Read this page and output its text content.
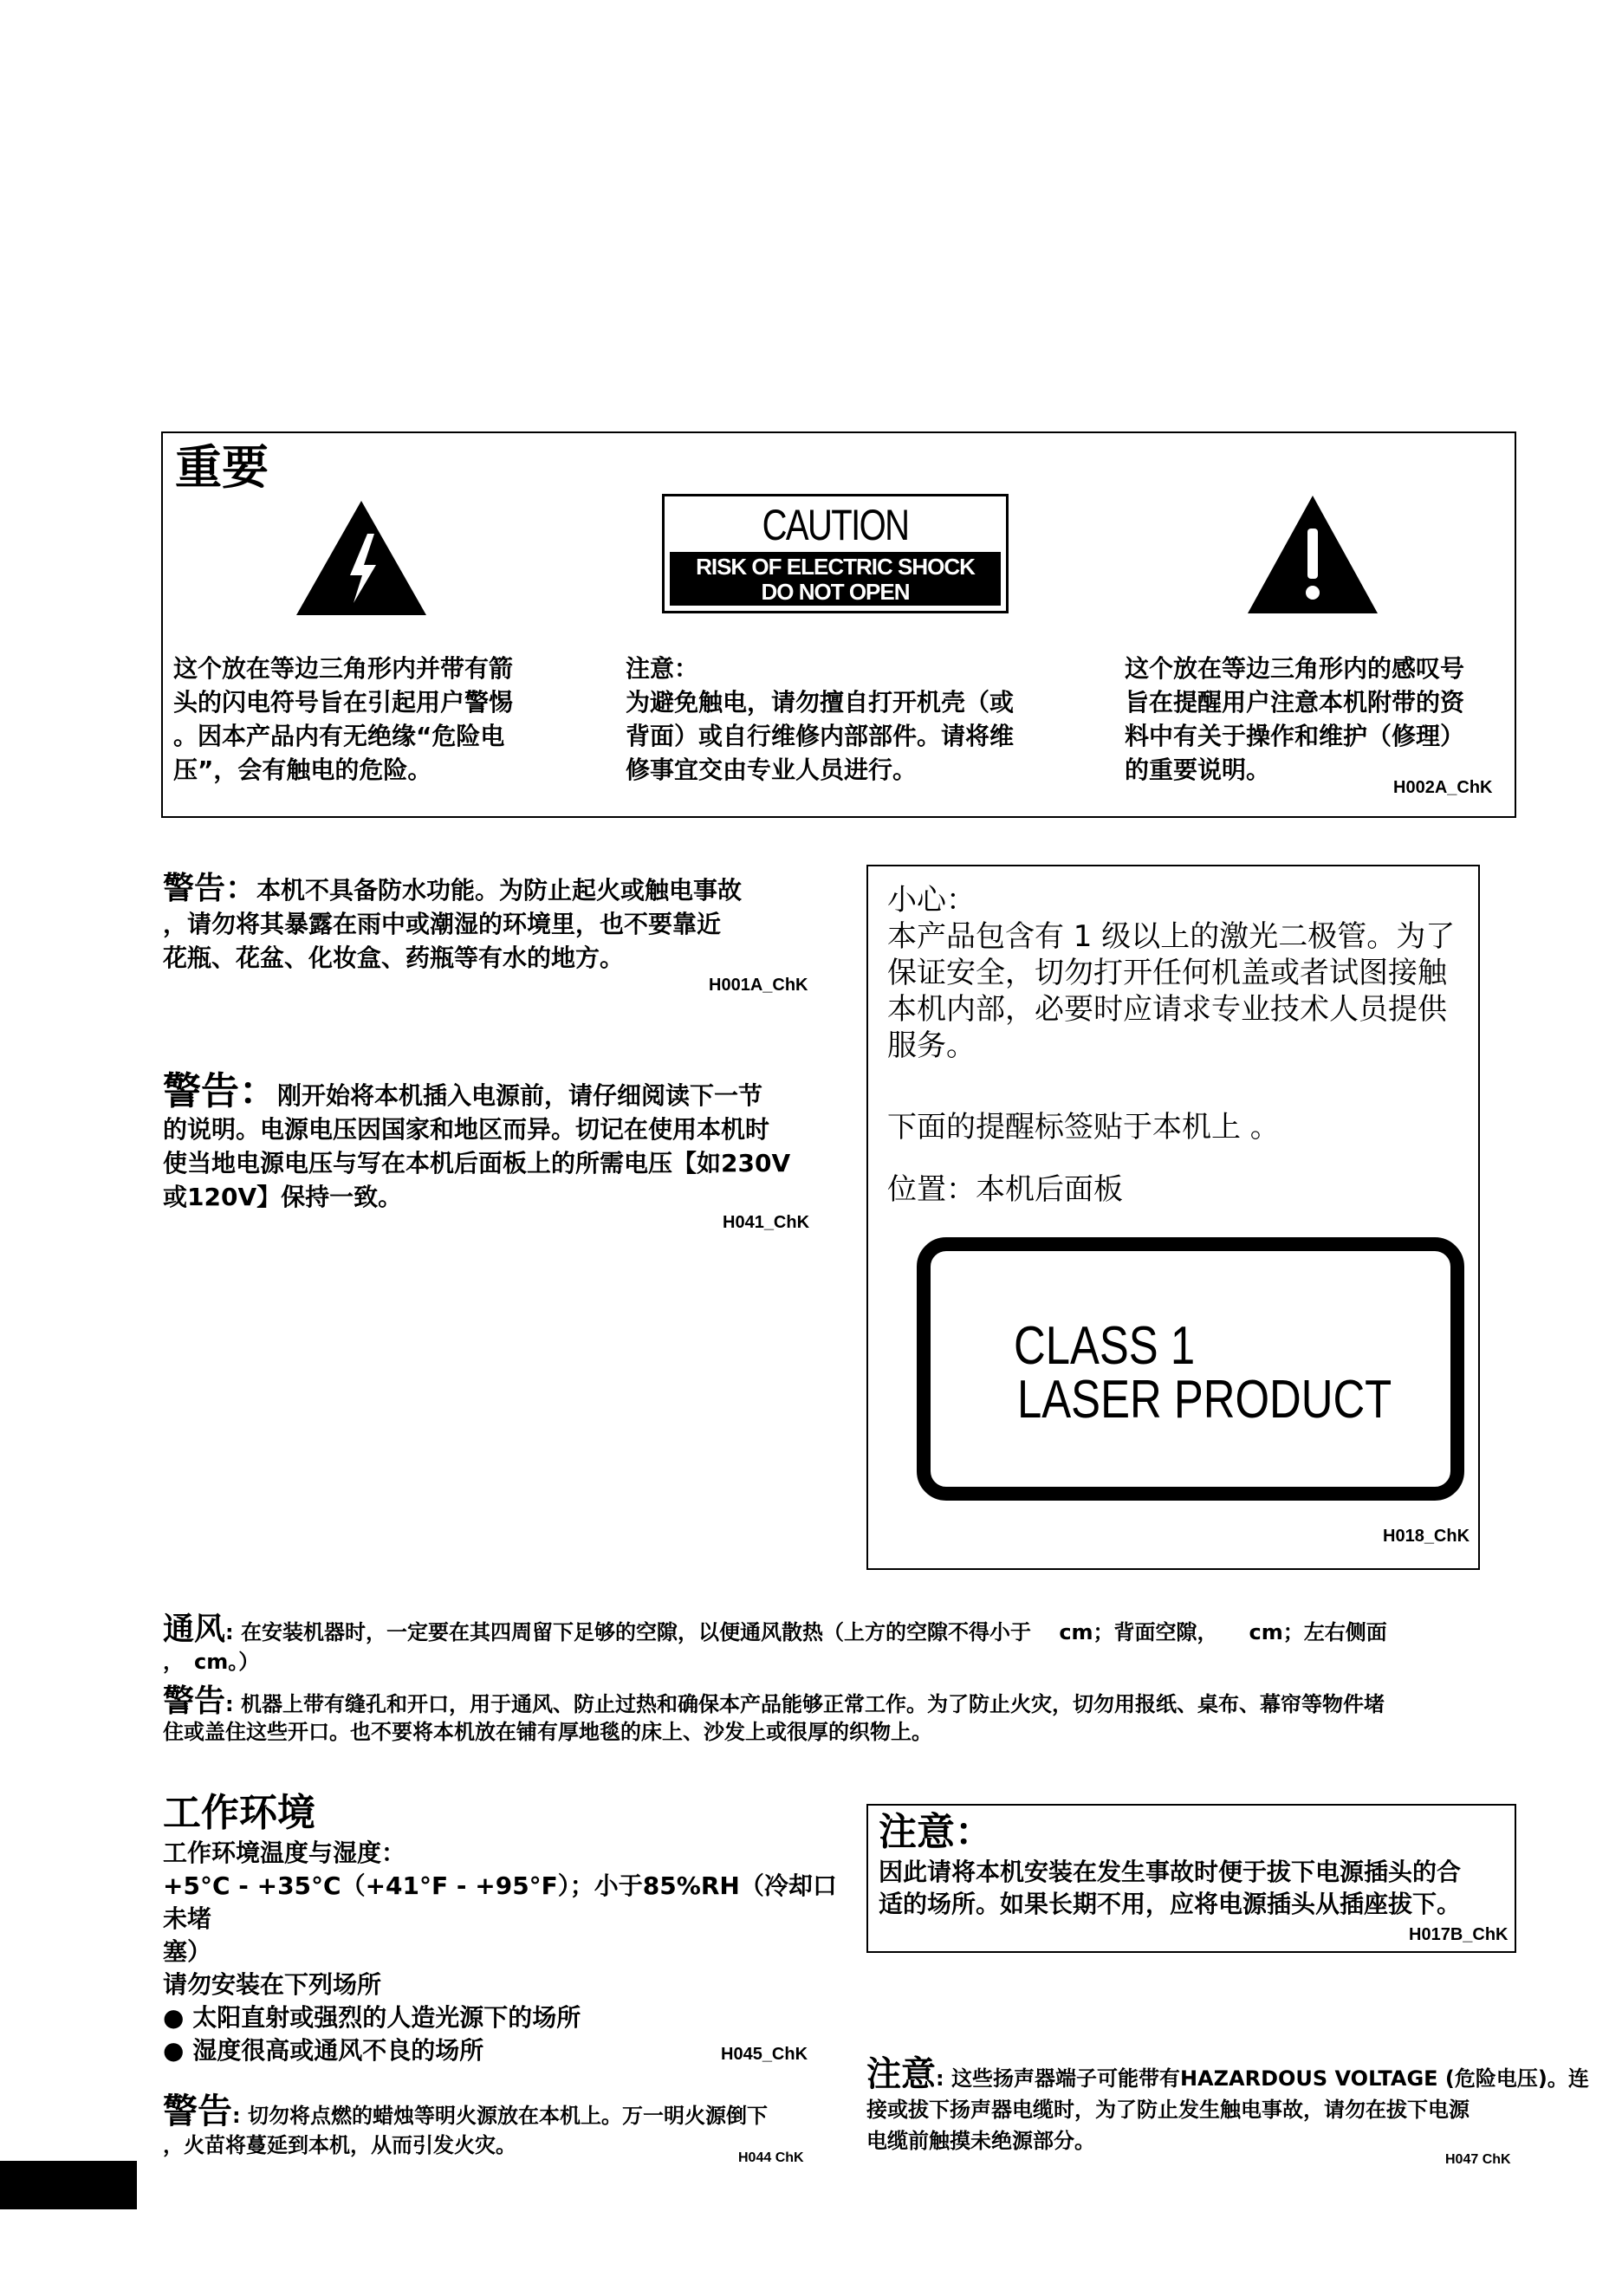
重要
CAUTION
RISK OF ELECTRIC SHOCK
DO NOT OPEN
这个放在等边三角形内并带有箭
头的闪电符号旨在引起用户警惕
。因本产品内有无绝缘“危险电
压”，会有触电的危险。
注意：
为避免触电，请勿擅自打开机壳（或
背面）或自行维修内部部件。请将维
修事宜交由专业人员进行。
这个放在等边三角形内的感叹号
旨在提醒用户注意本机附带的资
料中有关于操作和维护（修理）
的重要说明。
H002A_ChK
警告：本机不具备防水功能。为防止起火或触电事故
，请勿将其暴露在雨中或潮湿的环境里，也不要靠近
花瓶、花盆、化妆盒、药瓶等有水的地方。
H001A_ChK
警告：刚开始将本机插入电源前，请仔细阅读下一节
的说明。电源电压因国家和地区而异。切记在使用本机时
使当地电源电压与写在本机后面板上的所需电压【如230V
或120V】保持一致。
H041_ChK
小心：
本产品包含有 1 级以上的激光二极管。为了
保证安全，切勿打开任何机盖或者试图接触
本机内部，必要时应请求专业技术人员提供
服务。
下面的提醒标签贴于本机上 。
位置：本机后面板
CLASS 1
LASER PRODUCT
H018_ChK
通风: 在安装机器时，一定要在其四周留下足够的空隙，以便通风散热（上方的空隙不得小于　 cm；背面空隙，　　cm；左右侧面
，　cm。）
警告: 机器上带有缝孔和开口，用于通风、防止过热和确保本产品能够正常工作。为了防止火灾，切勿用报纸、桌布、幕帘等物件堵
住或盖住这些开口。也不要将本机放在铺有厚地毯的床上、沙发上或很厚的织物上。
工作环境
工作环境温度与湿度：
+5°C - +35°C（+41°F - +95°F）；小于85%RH（冷却口未堵
塞）
请勿安装在下列场所
● 太阳直射或强烈的人造光源下的场所
● 湿度很高或通风不良的场所	H045_ChK
注意：
因此请将本机安装在发生事故时便于拔下电源插头的合
适的场所。如果长期不用，应将电源插头从插座拔下。
H017B_ChK
警告: 切勿将点燃的蜡烛等明火源放在本机上。万一明火源倒下
，火苗将蔓延到本机，从而引发火灾。
H044 ChK
注意: 这些扬声器端子可能带有HAZARDOUS VOLTAGE (危险电压)。连
接或拔下扬声器电缆时，为了防止发生触电事故，请勿在拔下电源
电缆前触摸未绝源部分。
H047 ChK
